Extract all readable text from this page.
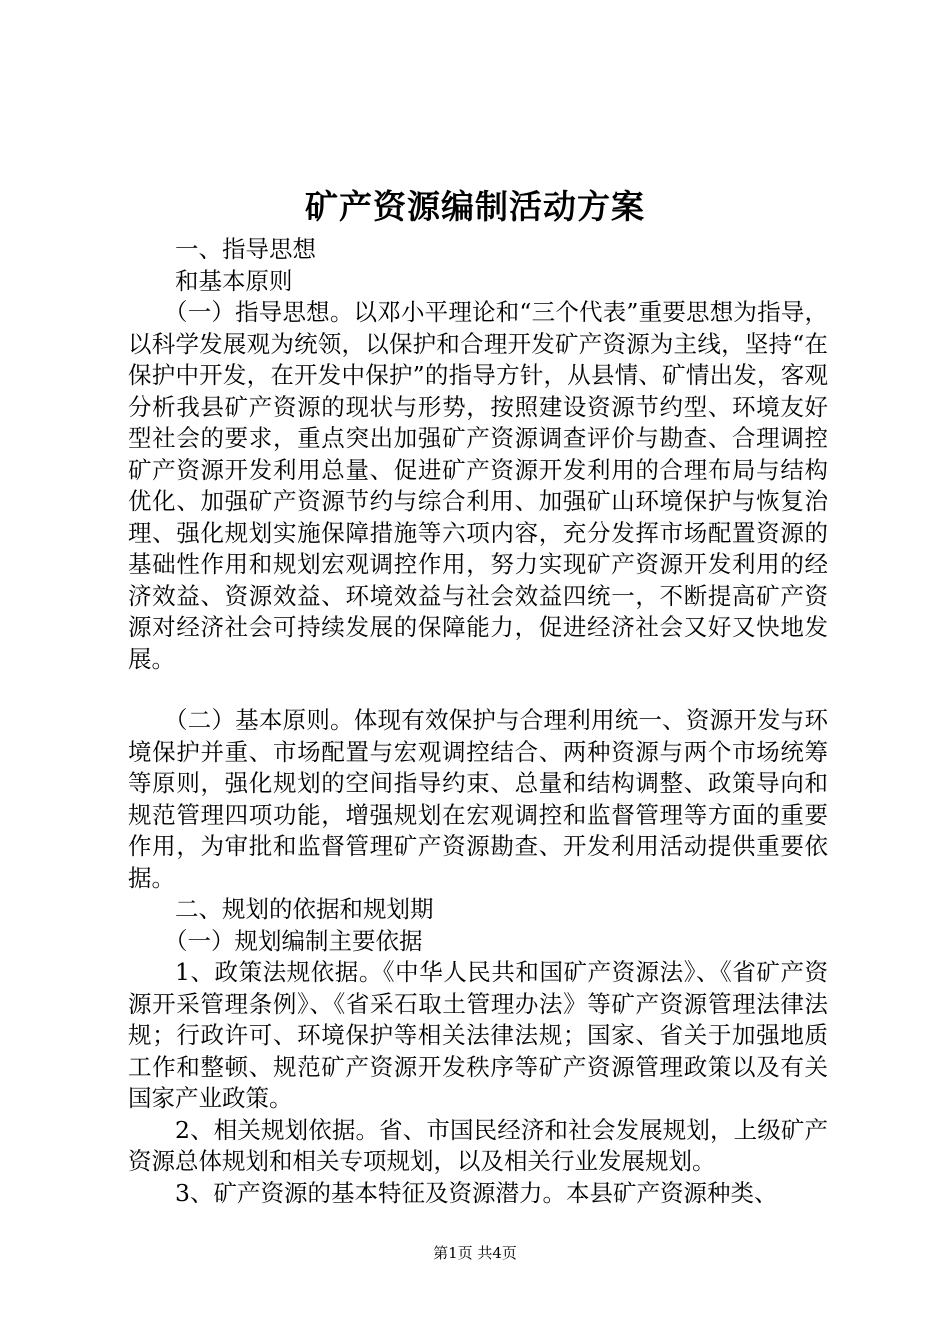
矿产资源编制活动方案

一、指导思想

和基本原则

（一）指导思想。以邓小平理论和“三个代表”重要思想为指导，以科学发展观为统领，以保护和合理开发矿产资源为主线，坚持“在保护中开发，在开发中保护”的指导方针，从县情、矿情出发，客观分析我县矿产资源的现状与形势，按照建设资源节约型、环境友好型社会的要求，重点突出加强矿产资源调查评价与勘查、合理调控矿产资源开发利用总量、促进矿产资源开发利用的合理布局与结构优化、加强矿产资源节约与综合利用、加强矿山环境保护与恢复治理、强化规划实施保障措施等六项内容，充分发挥市场配置资源的基础性作用和规划宏观调控作用，努力实现矿产资源开发利用的经济效益、资源效益、环境效益与社会效益四统一，不断提高矿产资源对经济社会可持续发展的保障能力，促进经济社会又好又快地发展。

（二）基本原则。体现有效保护与合理利用统一、资源开发与环境保护并重、市场配置与宏观调控结合、两种资源与两个市场统筹等原则，强化规划的空间指导约束、总量和结构调整、政策导向和规范管理四项功能，增强规划在宏观调控和监督管理等方面的重要作用，为审批和监督管理矿产资源勘查、开发利用活动提供重要依据。

二、规划的依据和规划期

（一）规划编制主要依据

1、政策法规依据。《中华人民共和国矿产资源法》、《省矿产资源开采管理条例》、《省采石取土管理办法》等矿产资源管理法律法规；行政许可、环境保护等相关法律法规；国家、省关于加强地质工作和整顿、规范矿产资源开发秩序等矿产资源管理政策以及有关国家产业政策。

2、相关规划依据。省、市国民经济和社会发展规划，上级矿产资源总体规划和相关专项规划，以及相关行业发展规划。

3、矿产资源的基本特征及资源潜力。本县矿产资源种类、

第1页 共4页
